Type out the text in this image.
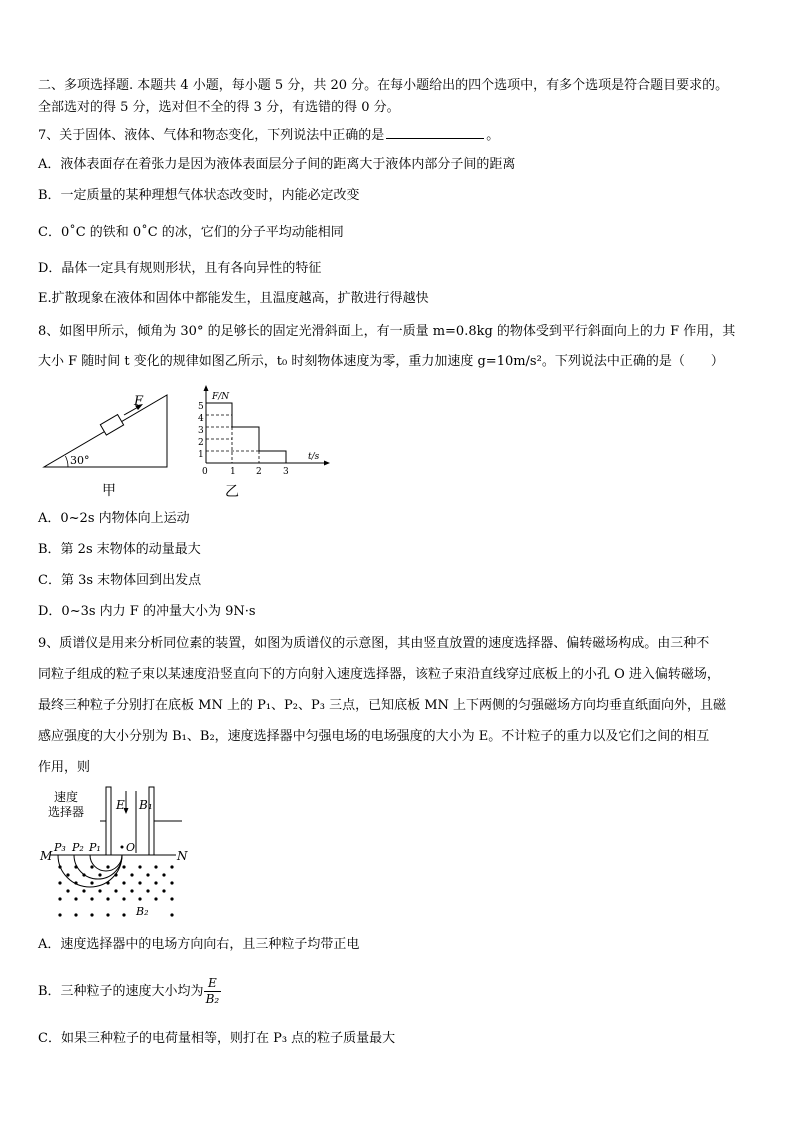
二、多项选择题. 本题共 4 小题，每小题 5 分，共 20 分。在每小题给出的四个选项中，有多个选项是符合题目要求的。
全部选对的得 5 分，选对但不全的得 3 分，有选错的得 0 分。
7、关于固体、液体、气体和物态变化，下列说法中正确的是	。
A．液体表面存在着张力是因为液体表面层分子间的距离大于液体内部分子间的距离
B．一定质量的某种理想气体状态改变时，内能必定改变
C．0˚C 的铁和 0˚C 的冰，它们的分子平均动能相同
D．晶体一定具有规则形状，且有各向异性的特征
E.扩散现象在液体和固体中都能发生，且温度越高，扩散进行得越快
8、如图甲所示，倾角为 30° 的足够长的固定光滑斜面上，有一质量 m=0.8kg 的物体受到平行斜面向上的力 F 作用，其
大小 F 随时间 t 变化的规律如图乙所示，t₀ 时刻物体速度为零，重力加速度 g=10m/s²。下列说法中正确的是（　　）
30°
F
甲
F/N
t/s
1
2
3
4
5
0 1 2 3
乙
A．0~2s 内物体向上运动
B．第 2s 末物体的动量最大
C．第 3s 末物体回到出发点
D．0~3s 内力 F 的冲量大小为 9N·s
9、质谱仪是用来分析同位素的装置，如图为质谱仪的示意图，其由竖直放置的速度选择器、偏转磁场构成。由三种不
同粒子组成的粒子束以某速度沿竖直向下的方向射入速度选择器，该粒子束沿直线穿过底板上的小孔 O 进入偏转磁场，
最终三种粒子分别打在底板 MN 上的 P₁、P₂、P₃ 三点，已知底板 MN 上下两侧的匀强磁场方向均垂直纸面向外，且磁
感应强度的大小分别为 B₁、B₂，速度选择器中匀强电场的电场强度的大小为 E。不计粒子的重力以及它们之间的相互
作用，则
速度
选择器	E B₁
M	N
P₃ P₂ P₁ O
B₂
A．速度选择器中的电场方向向右，且三种粒子均带正电
B．三种粒子的速度大小均为 $\frac{E}{\text{B₂}}$
C．如果三种粒子的电荷量相等，则打在 P₃ 点的粒子质量最大
